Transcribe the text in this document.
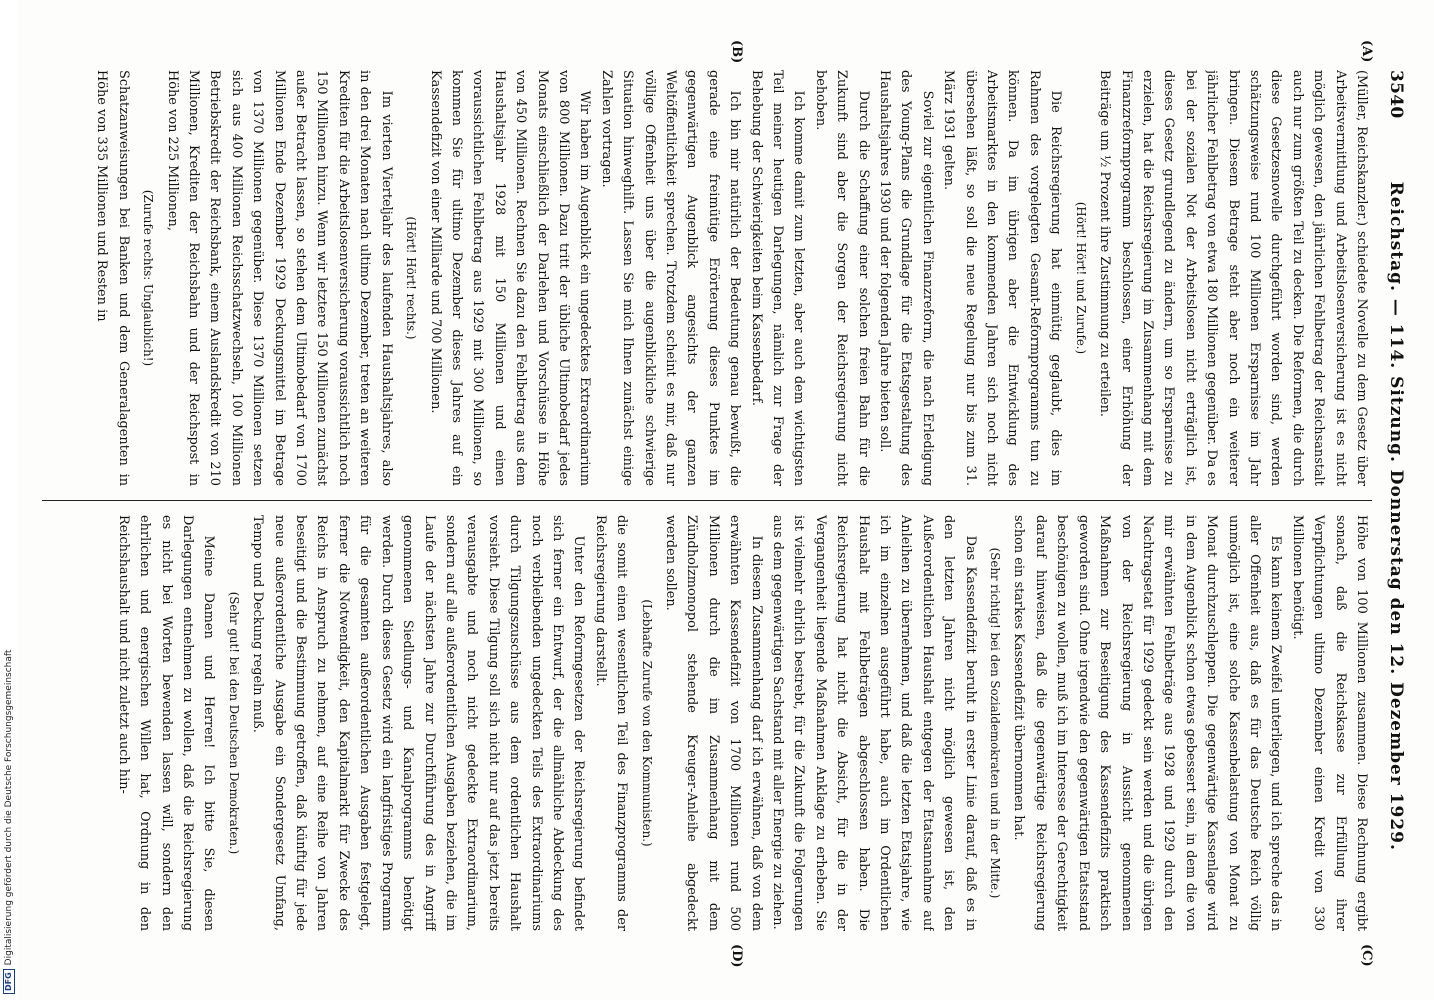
3540
Reichstag. — 114. Sitzung. Donnerstag den 12. Dezember 1929.
(A)
(B)
(C)
(D)

(Müller, Reichskanzler.) schiedete Novelle zu dem Gesetz über Arbeitsvermittlung und Arbeitslosenversicherung ist es nicht möglich gewesen, den jährlichen Fehlbetrag der Reichsanstalt auch nur zum größten Teil zu decken. Die Reformen, die durch diese Gesetzesnovelle durchgeführt worden sind, werden schätzungsweise rund 100 Millionen Ersparnisse im Jahr bringen. Diesem Betrage steht aber noch ein weiterer jährlicher Fehlbetrag von etwa 180 Millionen gegenüber. Da es bei der sozialen Not der Arbeitslosen nicht erträglich ist, dieses Gesetz grundlegend zu ändern, um so Ersparnisse zu erzielen, hat die Reichsregierung im Zusammenhang mit dem Finanzreformprogramm beschlossen, einer Erhöhung der Beiträge um ½ Prozent ihre Zustimmung zu erteilen.

(Hört! Hört! und Zurufe.)

Die Reichsregierung hat einmütig geglaubt, dies im Rahmen des vorgelegten Gesamt-Reformprogramms tun zu können. Da im übrigen aber die Entwicklung des Arbeitsmarktes in den kommenden Jahren sich noch nicht übersehen läßt, so soll die neue Regelung nur bis zum 31. März 1931 gelten.

Soviel zur eigentlichen Finanzreform, die nach Erledigung des Young-Plans die Grundlage für die Etatsgestaltung des Haushaltsjahres 1930 und der folgenden Jahre bieten soll.

Durch die Schaffung einer solchen freien Bahn für die Zukunft sind aber die Sorgen der Reichsregierung nicht behoben.

Ich komme damit zum letzten, aber auch dem wichtigsten Teil meiner heutigen Darlegungen, nämlich zur Frage der Behebung der Schwierigkeiten beim Kassenbedarf.

Ich bin mir natürlich der Bedeutung genau bewußt, die gerade eine freimütige Erörterung dieses Punktes im gegenwärtigen Augenblick angesichts der ganzen Weltöffentlichkeit sprechen. Trotzdem scheint es mir, daß nur völlige Offenheit uns über die augenblickliche schwierige Situation hinweghilft. Lassen Sie mich Ihnen zunächst einige Zahlen vortragen.

Wir haben im Augenblick ein ungedecktes Extraordinarium von 800 Millionen. Dazu tritt der übliche Ultimobedarf jedes Monats einschließlich der Darlehen und Vorschüsse in Höhe von 450 Millionen. Rechnen Sie dazu den Fehlbetrag aus dem Haushaltsjahr 1928 mit 150 Millionen und einen voraussichtlichen Fehlbetrag aus 1929 mit 300 Millionen, so kommen Sie für ultimo Dezember dieses Jahres auf ein Kassendefizit von einer Milliarde und 700 Millionen.

(Hört! Hört! rechts.)

Im vierten Vierteljahr des laufenden Haushaltsjahres, also in den drei Monaten nach ultimo Dezember, treten an weiteren Krediten für die Arbeitslosenversicherung voraussichtlich noch 150 Millionen hinzu. Wenn wir letztere 150 Millionen zunächst außer Betracht lassen, so stehen dem Ultimobedarf von 1700 Millionen Ende Dezember 1929 Deckungsmittel im Betrage von 1370 Millionen gegenüber. Diese 1370 Millionen setzen sich aus 400 Millionen Reichsschatzwechseln, 100 Millionen Betriebskredit der Reichsbank, einem Auslandskredit von 210 Millionen, Krediten der Reichsbahn und der Reichspost in Höhe von 225 Millionen,

(Zurufe rechts: Unglaublich!)

Schatzanweisungen bei Banken und dem Generalagenten in Höhe von 335 Millionen und Resten in

Höhe von 100 Millionen zusammen. Diese Rechnung ergibt sonach, daß die Reichskasse zur Erfüllung ihrer Verpflichtungen ultimo Dezember einen Kredit von 330 Millionen benötigt.

Es kann keinem Zweifel unterliegen, und ich spreche das in aller Offenheit aus, daß es für das Deutsche Reich völlig unmöglich ist, eine solche Kassenbelastung von Monat zu Monat durchzuschleppen. Die gegenwärtige Kassenlage wird in dem Augenblick schon etwas gebessert sein, in dem die von mir erwähnten Fehlbeträge aus 1928 und 1929 durch den Nachtragsetat für 1929 gedeckt sein werden und die übrigen von der Reichsregierung in Aussicht genommenen Maßnahmen zur Beseitigung des Kassendefizits praktisch geworden sind. Ohne irgendwie den gegenwärtigen Etatsstand beschönigen zu wollen, muß ich im Interesse der Gerechtigkeit darauf hinweisen, daß die gegenwärtige Reichsregierung schon ein starkes Kassendefizit übernommen hat.

(Sehr richtig! bei den Sozialdemokraten und in der Mitte.)

Das Kassendefizit beruht in erster Linie darauf, daß es in den letzten Jahren nicht möglich gewesen ist, den Außerordentlichen Haushalt entgegen der Etatsannahme auf Anleihen zu übernehmen, und daß die letzten Etatsjahre, wie ich im einzelnen ausgeführt habe, auch im Ordentlichen Haushalt mit Fehlbeträgen abgeschlossen haben. Die Reichsregierung hat nicht die Absicht, für die in der Vergangenheit liegende Maßnahmen Anklage zu erheben. Sie ist vielmehr ehrlich bestrebt, für die Zukunft die Folgerungen aus dem gegenwärtigen Sachstand mit aller Energie zu ziehen.

In diesem Zusammenhang darf ich erwähnen, daß von dem erwähnten Kassendefizit von 1700 Millionen rund 500 Millionen durch die im Zusammenhang mit dem Zündholzmonopol stehende Kreuger-Anleihe abgedeckt werden sollen.

(Lebhafte Zurufe von den Kommunisten.)

die somit einen wesentlichen Teil des Finanzprogramms der Reichsregierung darstellt.

Unter den Reformgesetzen der Reichsregierung befindet sich ferner ein Entwurf, der die allmähliche Abdeckung des noch verbleibenden ungedeckten Teils des Extraordinariums durch Tilgungszuschüsse aus dem ordentlichen Haushalt vorsieht. Diese Tilgung soll sich nicht nur auf das jetzt bereits verausgabte und noch nicht gedeckte Extraordinarium, sondern auf alle außerordentlichen Ausgaben beziehen, die im Laufe der nächsten Jahre zur Durchführung des in Angriff genommenen Siedlungs- und Kanalprogramms benötigt werden. Durch dieses Gesetz wird ein langfristiges Programm für die gesamten außerordentlichen Ausgaben festgelegt, ferner die Notwendigkeit, den Kapitalmarkt für Zwecke des Reichs in Anspruch zu nehmen, auf eine Reihe von Jahren beseitigt und die Bestimmung getroffen, daß künftig für jede neue außerordentliche Ausgabe ein Sondergesetz Umfang, Tempo und Deckung regeln muß.

(Sehr gut! bei den Deutschen Demokraten.)

Meine Damen und Herren! Ich bitte Sie, diesen Darlegungen entnehmen zu wollen, daß die Reichsregierung es nicht bei Worten bewenden lassen will, sondern den ehrlichen und energischen Willen hat, Ordnung in den Reichshaushalt und nicht zuletzt auch hin-

DFGDigitalisierung gefördert durch die Deutsche Forschungsgemeinschaft
